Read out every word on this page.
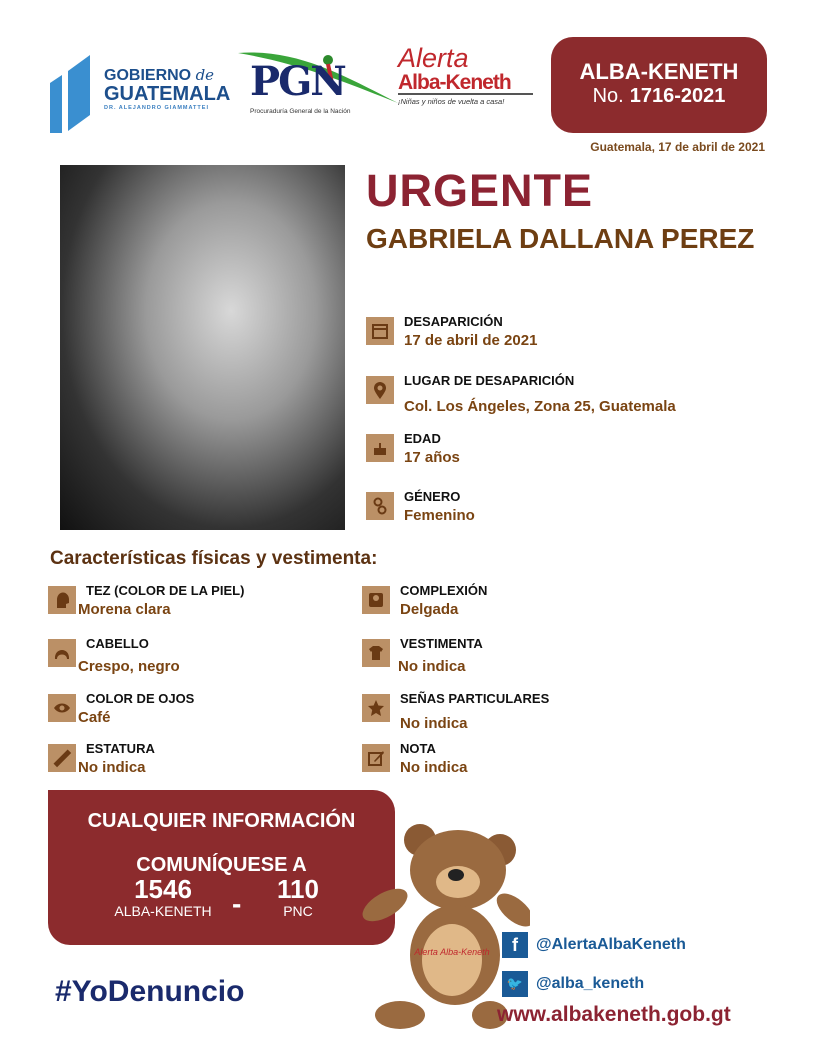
GOBIERNO de
GUATEMALA
DR. ALEJANDRO GIAMMATTEI
PGN
Procuraduría General de la Nación
Alerta
Alba-Keneth
¡Niñas y niños de vuelta a casa!
ALBA-KENETH
No. 1716-2021
Guatemala, 17 de abril de 2021
URGENTE
GABRIELA DALLANA PEREZ
DESAPARICIÓN
17 de abril de 2021
LUGAR DE DESAPARICIÓN
Col. Los Ángeles, Zona 25, Guatemala
EDAD
17 años
GÉNERO
Femenino
Características físicas y vestimenta:
TEZ (COLOR DE LA PIEL)
Morena clara
COMPLEXIÓN
Delgada
CABELLO
Crespo, negro
VESTIMENTA
No indica
COLOR DE OJOS
Café
SEÑAS PARTICULARES
No indica
ESTATURA
No indica
NOTA
No indica
CUALQUIER INFORMACIÓN
COMUNÍQUESE A
1546
ALBA-KENETH -	110
PNC
Alerta Alba-Keneth	f	@AlertaAlbaKeneth
🐦 @alba_keneth
www.albakeneth.gob.gt
#YoDenuncio
